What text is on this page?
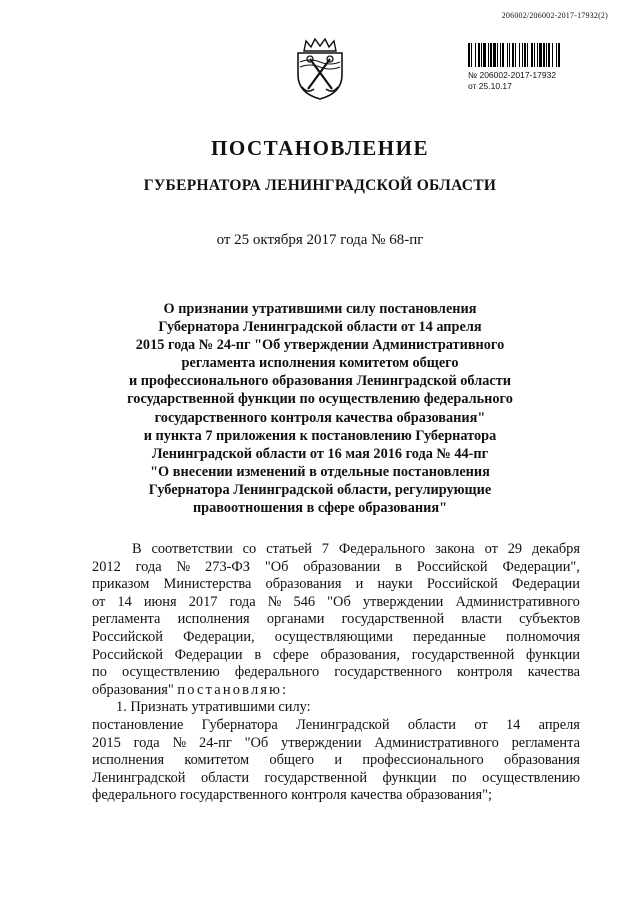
206002/206002-2017-17932(2)
№ 206002-2017-17932
от 25.10.17
ПОСТАНОВЛЕНИЕ
ГУБЕРНАТОРА ЛЕНИНГРАДСКОЙ ОБЛАСТИ
от 25 октября 2017 года № 68-пг
О признании утратившими силу постановления
Губернатора Ленинградской области от 14 апреля
2015 года № 24-пг "Об утверждении Административного
регламента исполнения комитетом общего
и профессионального образования Ленинградской области
государственной функции по осуществлению федерального
государственного контроля качества образования"
и пункта 7 приложения к постановлению Губернатора
Ленинградской области от 16 мая 2016 года № 44-пг
"О внесении изменений в отдельные постановления
Губернатора Ленинградской области, регулирующие
правоотношения в сфере образования"
В соответствии со статьей 7 Федерального закона от 29 декабря
2012 года № 273-ФЗ "Об образовании в Российской Федерации",
приказом Министерства образования и науки Российской Федерации
от 14 июня 2017 года № 546 "Об утверждении Административного
регламента исполнения органами государственной власти субъектов
Российской Федерации, осуществляющими переданные полномочия
Российской Федерации в сфере образования, государственной функции
по осуществлению федерального государственного контроля качества
образования" постановляю:
1. Признать утратившими силу:
постановление Губернатора Ленинградской области от 14 апреля
2015 года № 24-пг "Об утверждении Административного регламента
исполнения комитетом общего и профессионального образования
Ленинградской области государственной функции по осуществлению
федерального государственного контроля качества образования";
